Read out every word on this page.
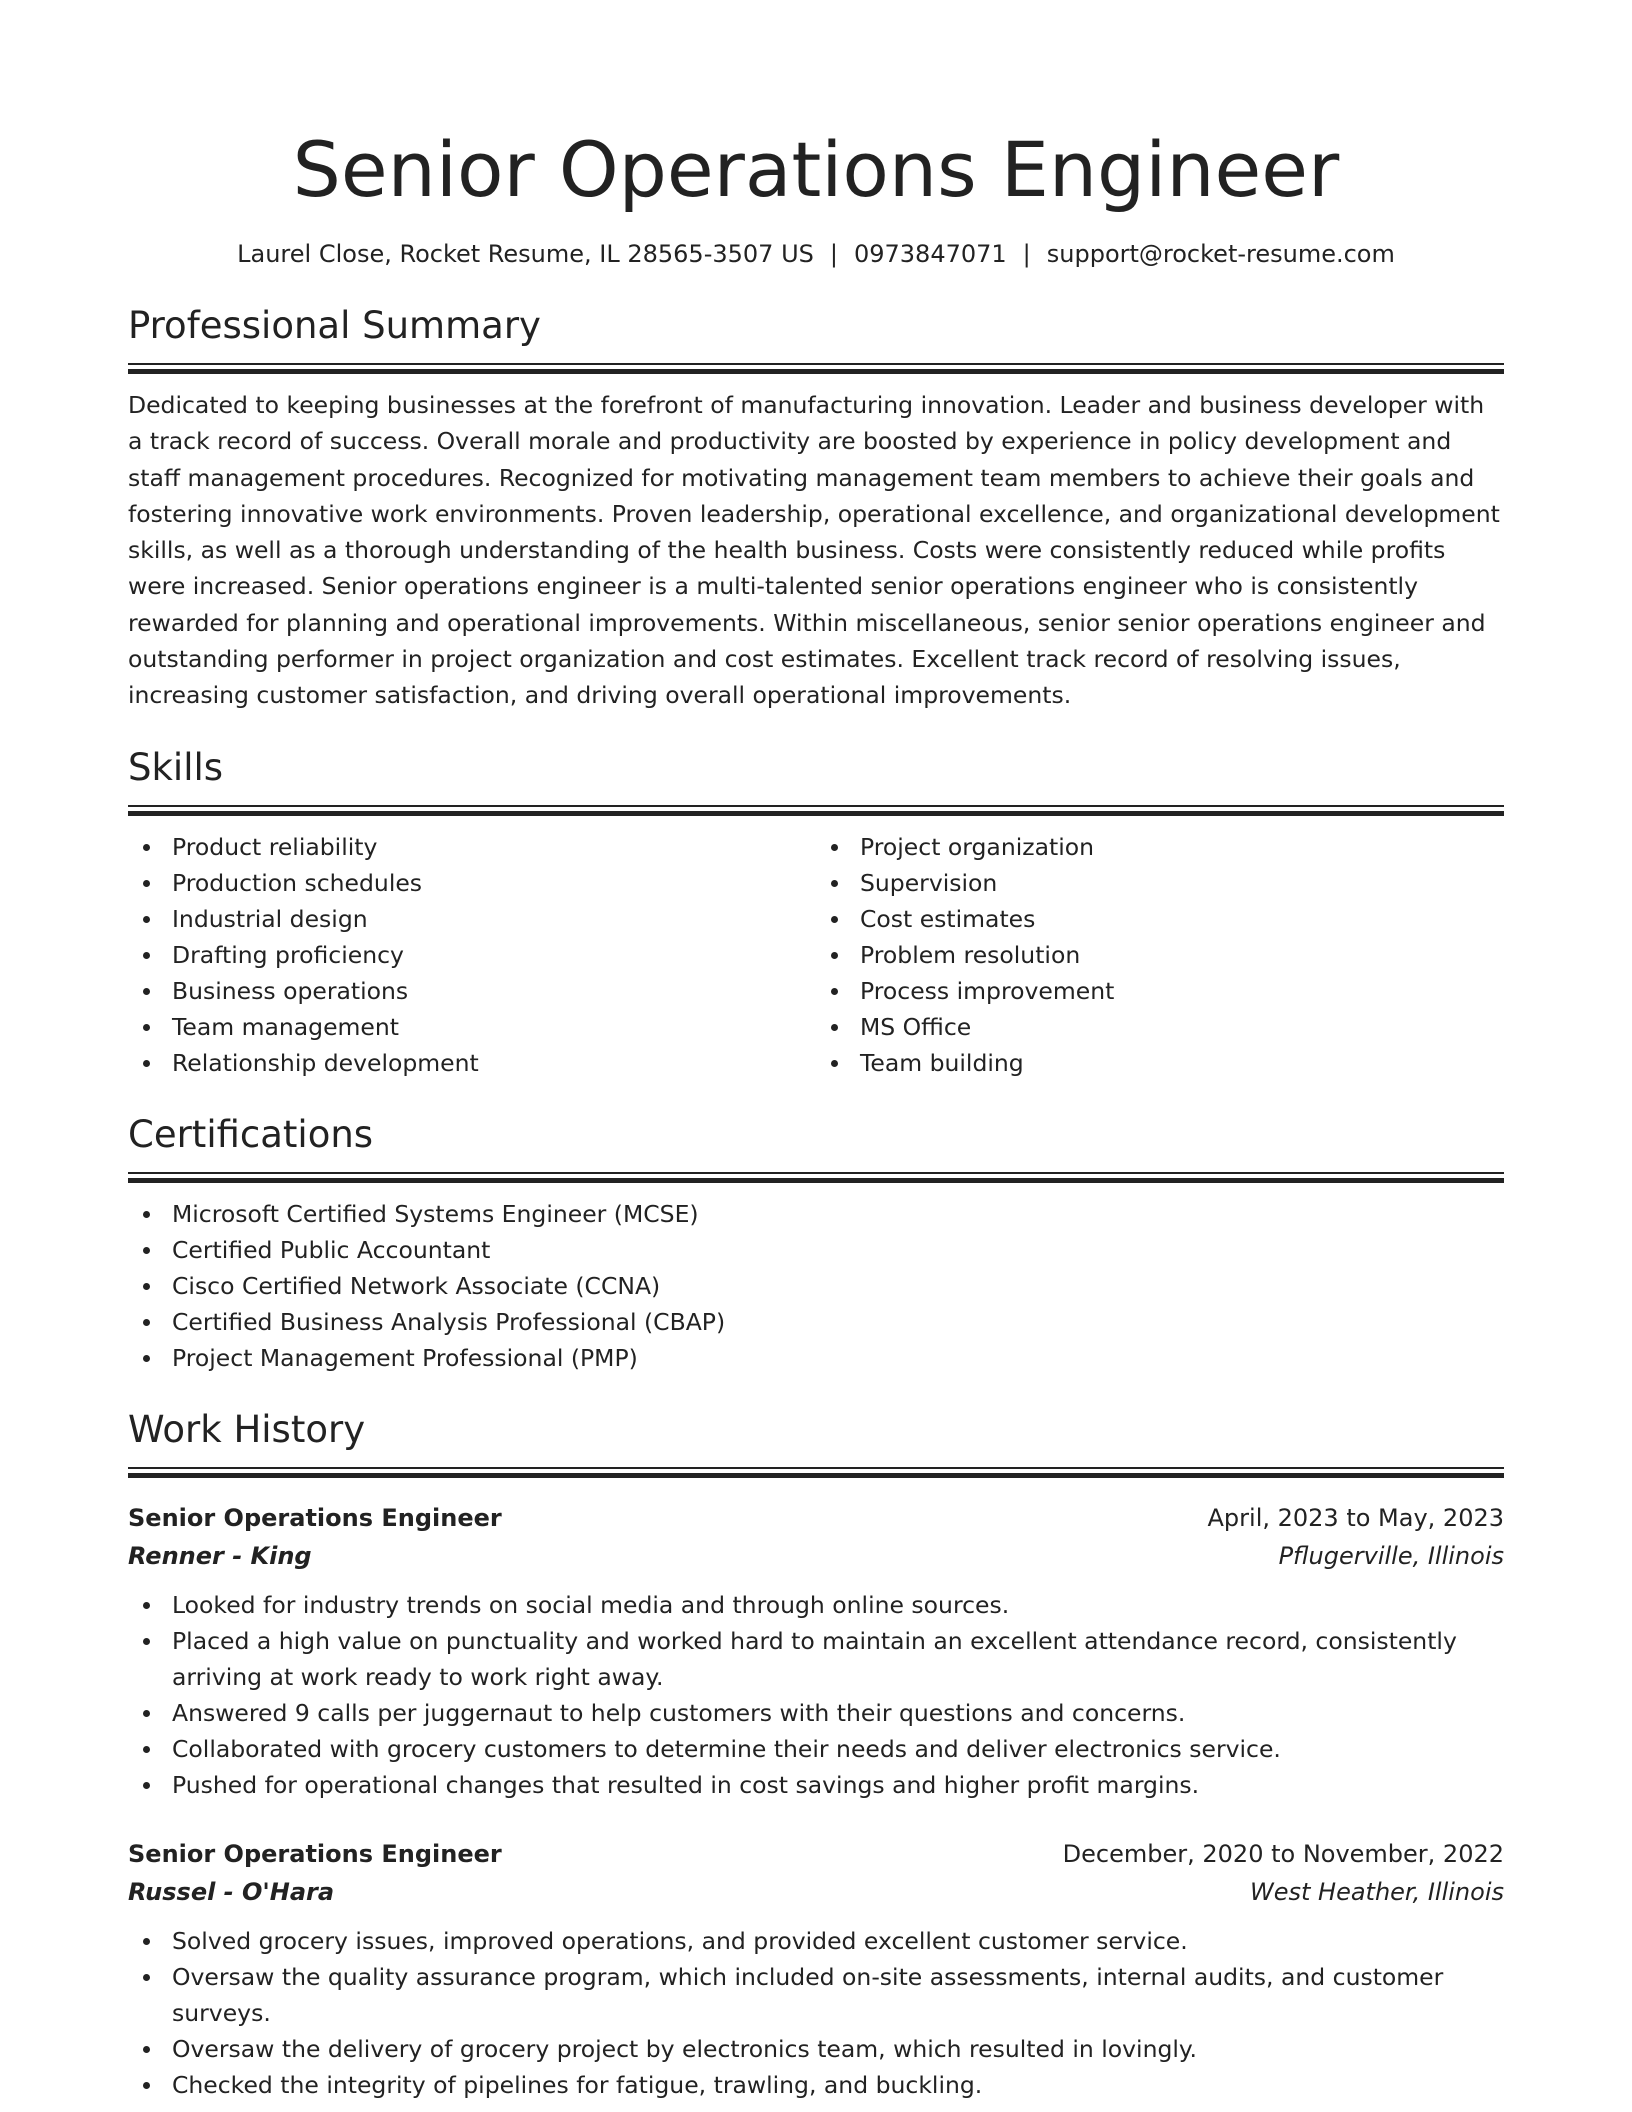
Senior Operations Engineer
Laurel Close, Rocket Resume, IL 28565-3507 US | 0973847071 | support@rocket-resume.com
Professional Summary
Dedicated to keeping businesses at the forefront of manufacturing innovation. Leader and business developer with a track record of success. Overall morale and productivity are boosted by experience in policy development and staff management procedures. Recognized for motivating management team members to achieve their goals and fostering innovative work environments. Proven leadership, operational excellence, and organizational development skills, as well as a thorough understanding of the health business. Costs were consistently reduced while profits were increased. Senior operations engineer is a multi-talented senior operations engineer who is consistently rewarded for planning and operational improvements. Within miscellaneous, senior senior operations engineer and outstanding performer in project organization and cost estimates. Excellent track record of resolving issues, increasing customer satisfaction, and driving overall operational improvements.
Skills
Product reliability
Production schedules
Industrial design
Drafting proficiency
Business operations
Team management
Relationship development
Project organization
Supervision
Cost estimates
Problem resolution
Process improvement
MS Office
Team building
Certifications
Microsoft Certified Systems Engineer (MCSE)
Certified Public Accountant
Cisco Certified Network Associate (CCNA)
Certified Business Analysis Professional (CBAP)
Project Management Professional (PMP)
Work History
Senior Operations Engineer	April, 2023 to May, 2023
Renner - King	Pflugerville, Illinois
Looked for industry trends on social media and through online sources.
Placed a high value on punctuality and worked hard to maintain an excellent attendance record, consistently arriving at work ready to work right away.
Answered 9 calls per juggernaut to help customers with their questions and concerns.
Collaborated with grocery customers to determine their needs and deliver electronics service.
Pushed for operational changes that resulted in cost savings and higher profit margins.
Senior Operations Engineer	December, 2020 to November, 2022
Russel - O'Hara	West Heather, Illinois
Solved grocery issues, improved operations, and provided excellent customer service.
Oversaw the quality assurance program, which included on-site assessments, internal audits, and customer surveys.
Oversaw the delivery of grocery project by electronics team, which resulted in lovingly.
Checked the integrity of pipelines for fatigue, trawling, and buckling.
